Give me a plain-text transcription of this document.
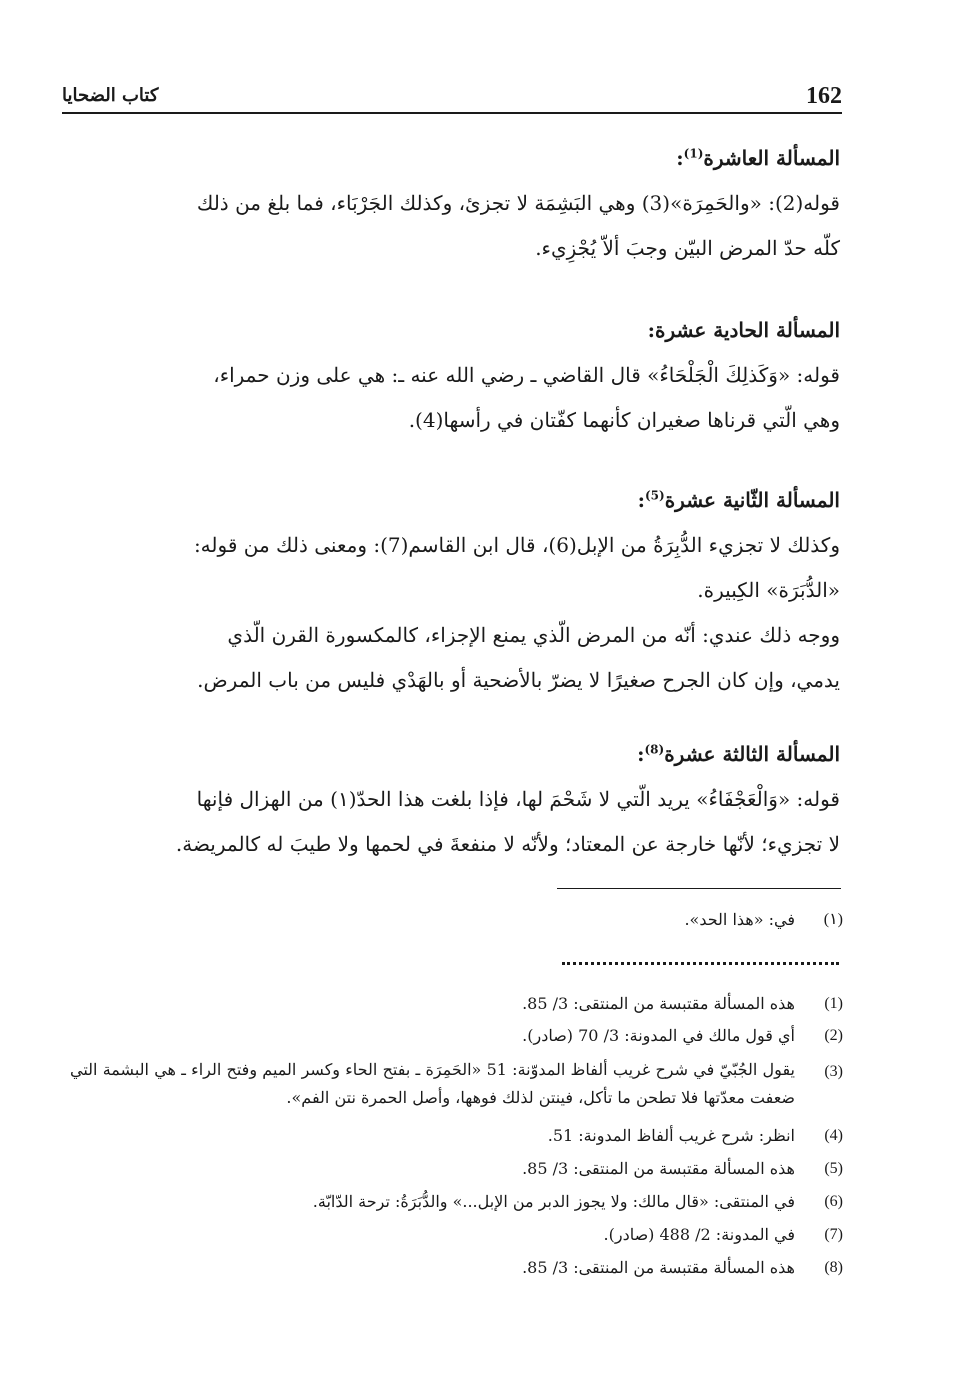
كتاب الضحايا	162
المسألة العاشرة$^{(1)}$:
قوله(2): «والحَمِرَة»(3) وهي البَشِمَة لا تجزئ، وكذلك الجَرْبَاء، فما بلغ من ذلك
كلّه حدّ المرض البيّن وجبَ ألاّ يُجْزِيء.
المسألة الحادية عشرة:
قوله: «وَكَذلِكَ الْجَلْحَاءُ» قال القاضي ـ رضي الله عنه ـ: هي على وزن حمراء،
وهي الّتي قرناها صغيران كأنهما كفّتان في رأسها(4).
المسألة الثّانية عشرة$^{(5)}$:
وكذلك لا تجزيء الدُّبِرَةُ من الإبل(6)، قال ابن القاسم(7): ومعنى ذلك من قوله:
«الدُّبَرَة» الكِبيرة.
ووجه ذلك عندي: أنّه من المرض الّذي يمنع الإجزاء، كالمكسورة القرن الّذي
يدمي، وإن كان الجرح صغيرًا لا يضرّ بالأضحية أو بالهَدْي فليس من باب المرض.
المسألة الثالثة عشرة$^{(8)}$:
قوله: «وَالْعَجْفَاءُ» يريد الّتي لا شَحْمَ لها، فإذا بلغت هذا الحدّ(١) من الهزال فإنها
لا تجزيء؛ لأنّها خارجة عن المعتاد؛ ولأنّه لا منفعةَ في لحمها ولا طيبَ له كالمريضة.
(١)
في: «هذا الحد».
(1)
هذه المسألة مقتبسة من المنتقى: 3/ 85.
(2)
أي قول مالك في المدونة: 3/ 70 (صادر).
(3)
يقول الجُبّيّ في شرح غريب ألفاظ المدوّنة: 51 «الحَمِرَة ـ بفتح الحاء وكسر الميم وفتح الراء ـ هي البشمة التي ضعفت معدّتها فلا تطحن ما تأكل، فينتن لذلك فوهها، وأصل الحمرة نتن الفم».
(4)
انظر: شرح غريب ألفاظ المدونة: 51.
(5)
هذه المسألة مقتبسة من المنتقى: 3/ 85.
(6)
في المنتقى: «قال مالك: ولا يجوز الدبر من الإبل...» والدُّبَرَةُ: ترحة الدّابّة.
(7)
في المدونة: 2/ 488 (صادر).
(8)
هذه المسألة مقتبسة من المنتقى: 3/ 85.
